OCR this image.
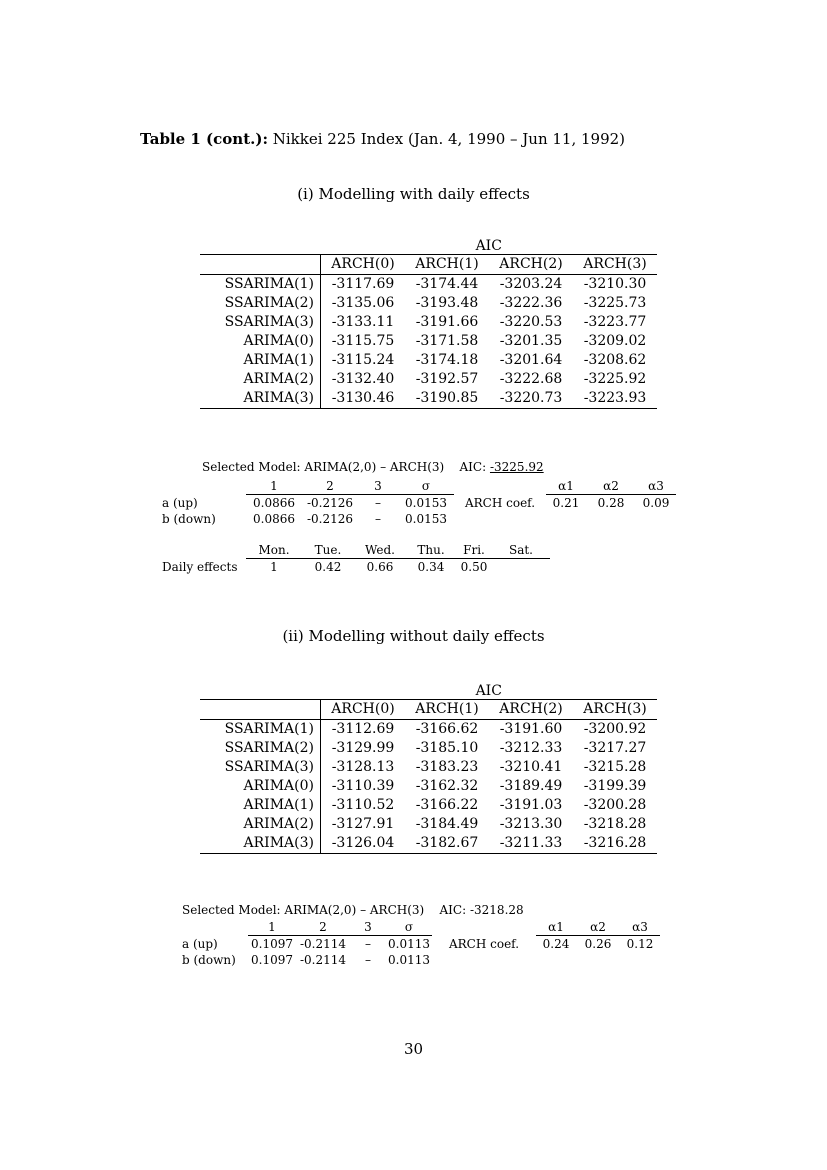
Table 1 (cont.): Nikkei 225 Index (Jan. 4, 1990 – Jun 11, 1992)
(i) Modelling with daily effects
	AIC			
	ARCH(0)	ARCH(1)	ARCH(2)	ARCH(3)
SSARIMA(1)	-3117.69	-3174.44	-3203.24	-3210.30
SSARIMA(2)	-3135.06	-3193.48	-3222.36	-3225.73
SSARIMA(3)	-3133.11	-3191.66	-3220.53	-3223.77
ARIMA(0)	-3115.75	-3171.58	-3201.35	-3209.02
ARIMA(1)	-3115.24	-3174.18	-3201.64	-3208.62
ARIMA(2)	-3132.40	-3192.57	-3222.68	-3225.92
ARIMA(3)	-3130.46	-3190.85	-3220.73	-3223.93
Selected Model: ARIMA(2,0) – ARCH(3) AIC: -3225.92
	1	2	3	σ		α1	α2	α3
a (up)	0.0866	-0.2126	–	0.0153	ARCH coef.	0.21	0.28	0.09
b (down)	0.0866	-0.2126	–	0.0153				
	Mon.	Tue.	Wed.	Thu.	Fri.	Sat.
Daily effects	1	0.42	0.66	0.34	0.50	
(ii) Modelling without daily effects
	AIC			
	ARCH(0)	ARCH(1)	ARCH(2)	ARCH(3)
SSARIMA(1)	-3112.69	-3166.62	-3191.60	-3200.92
SSARIMA(2)	-3129.99	-3185.10	-3212.33	-3217.27
SSARIMA(3)	-3128.13	-3183.23	-3210.41	-3215.28
ARIMA(0)	-3110.39	-3162.32	-3189.49	-3199.39
ARIMA(1)	-3110.52	-3166.22	-3191.03	-3200.28
ARIMA(2)	-3127.91	-3184.49	-3213.30	-3218.28
ARIMA(3)	-3126.04	-3182.67	-3211.33	-3216.28
Selected Model: ARIMA(2,0) – ARCH(3) AIC: -3218.28
	1	2	3	σ		α1	α2	α3
a (up)	0.1097	-0.2114	–	0.0113	ARCH coef.	0.24	0.26	0.12
b (down)	0.1097	-0.2114	–	0.0113				
30
